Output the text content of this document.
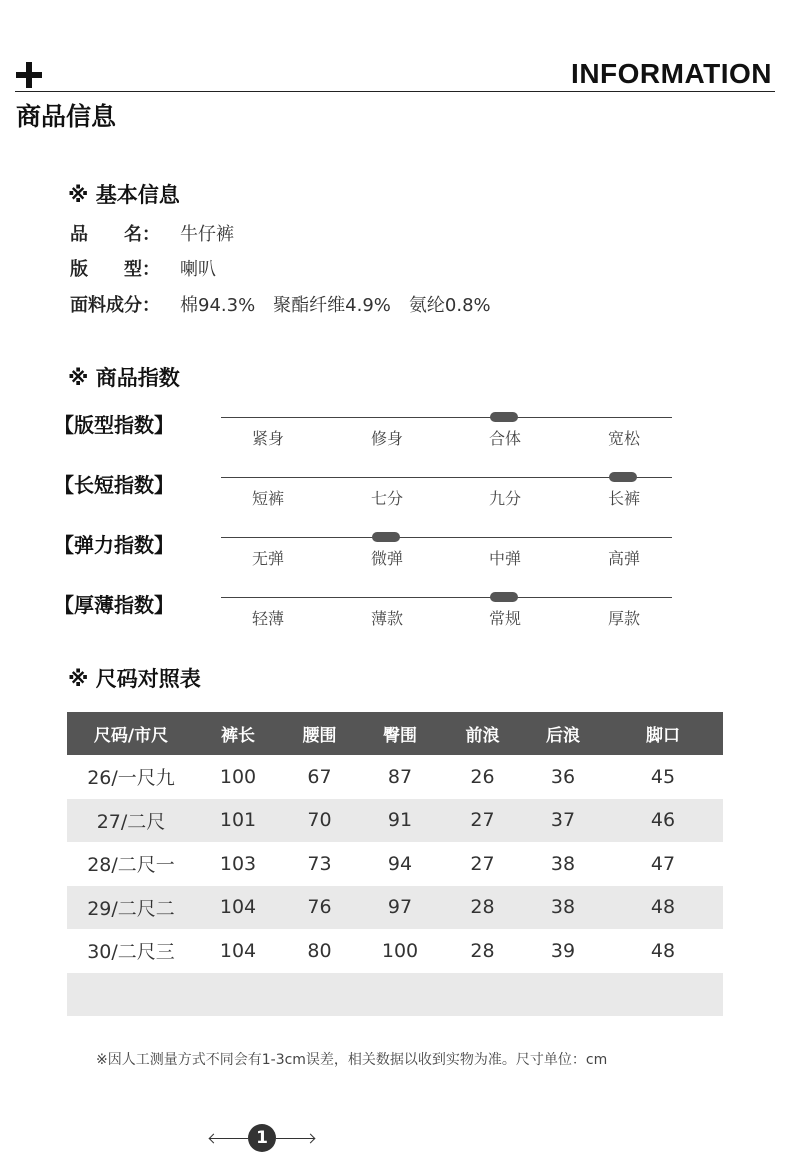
INFORMATION
商品信息
※ 基本信息
品　　名： 牛仔裤
版　　型： 喇叭
面料成分： 棉94.3%　聚酯纤维4.9%　氨纶0.8%
※ 商品指数
【版型指数】
紧身	修身	合体	宽松
【长短指数】
短裤	七分	九分	长裤
【弹力指数】
无弹	微弹	中弹	高弹
【厚薄指数】
轻薄	薄款	常规	厚款
※ 尺码对照表
尺码/市尺	裤长	腰围	臀围	前浪	后浪	脚口
26/一尺九	100	67	87	26	36	45
27/二尺	101	70	91	27	37	46
28/二尺一	103	73	94	27	38	47
29/二尺二	104	76	97	28	38	48
30/二尺三	104	80	100	28	39	48

※因人工测量方式不同会有1-3cm误差，相关数据以收到实物为准。尺寸单位：cm
1
